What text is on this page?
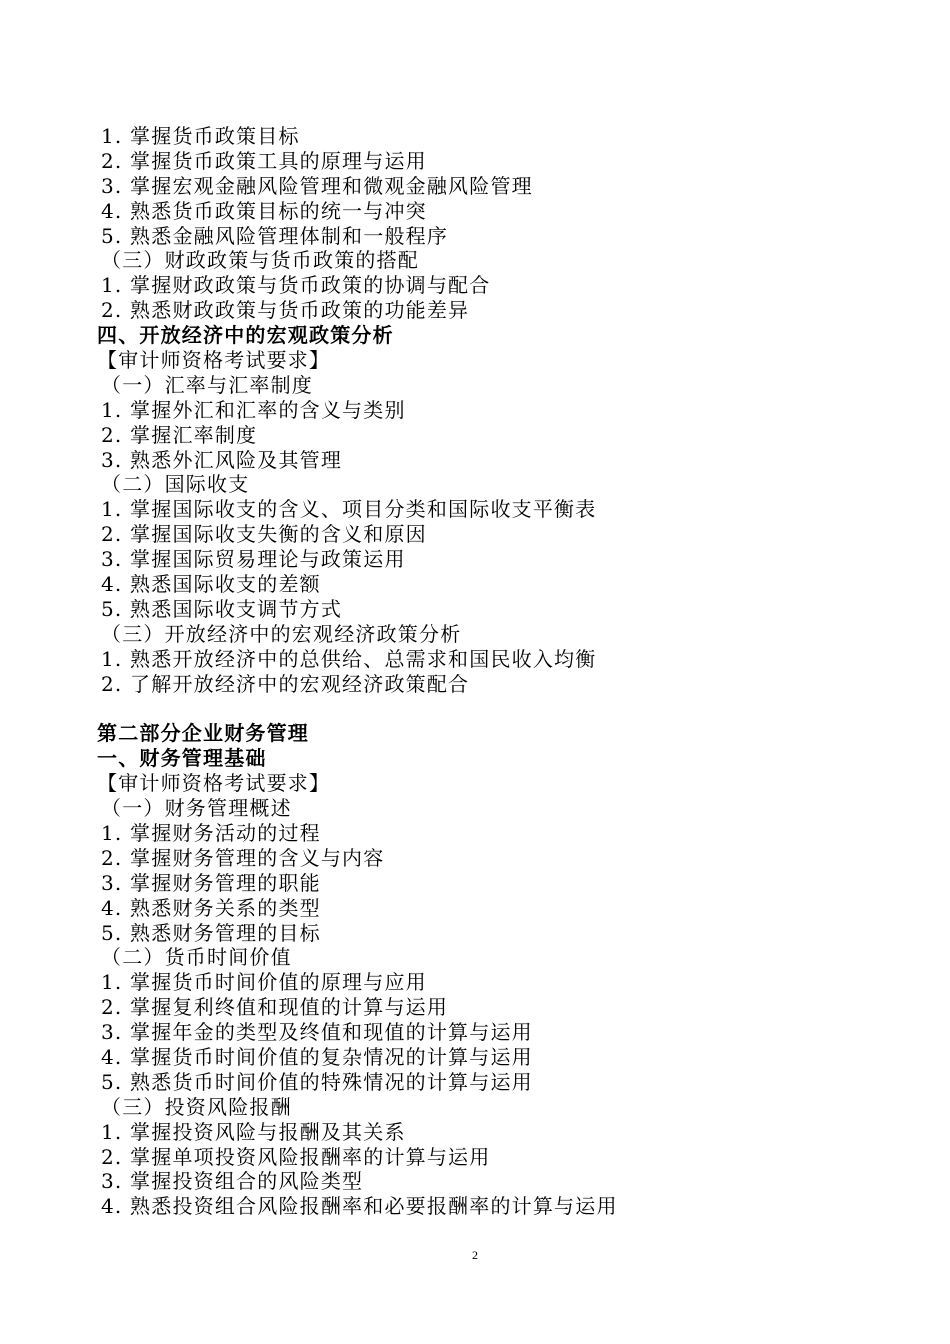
1. 掌握货币政策目标
2. 掌握货币政策工具的原理与运用
3. 掌握宏观金融风险管理和微观金融风险管理
4. 熟悉货币政策目标的统一与冲突
5. 熟悉金融风险管理体制和一般程序
（三）财政政策与货币政策的搭配
1. 掌握财政政策与货币政策的协调与配合
2. 熟悉财政政策与货币政策的功能差异
四、开放经济中的宏观政策分析
【审计师资格考试要求】
（一）汇率与汇率制度
1. 掌握外汇和汇率的含义与类别
2. 掌握汇率制度
3. 熟悉外汇风险及其管理
（二）国际收支
1. 掌握国际收支的含义、项目分类和国际收支平衡表
2. 掌握国际收支失衡的含义和原因
3. 掌握国际贸易理论与政策运用
4. 熟悉国际收支的差额
5. 熟悉国际收支调节方式
（三）开放经济中的宏观经济政策分析
1. 熟悉开放经济中的总供给、总需求和国民收入均衡
2. 了解开放经济中的宏观经济政策配合
第二部分企业财务管理
一、财务管理基础
【审计师资格考试要求】
（一）财务管理概述
1. 掌握财务活动的过程
2. 掌握财务管理的含义与内容
3. 掌握财务管理的职能
4. 熟悉财务关系的类型
5. 熟悉财务管理的目标
（二）货币时间价值
1. 掌握货币时间价值的原理与应用
2. 掌握复利终值和现值的计算与运用
3. 掌握年金的类型及终值和现值的计算与运用
4. 掌握货币时间价值的复杂情况的计算与运用
5. 熟悉货币时间价值的特殊情况的计算与运用
（三）投资风险报酬
1. 掌握投资风险与报酬及其关系
2. 掌握单项投资风险报酬率的计算与运用
3. 掌握投资组合的风险类型
4. 熟悉投资组合风险报酬率和必要报酬率的计算与运用
2
